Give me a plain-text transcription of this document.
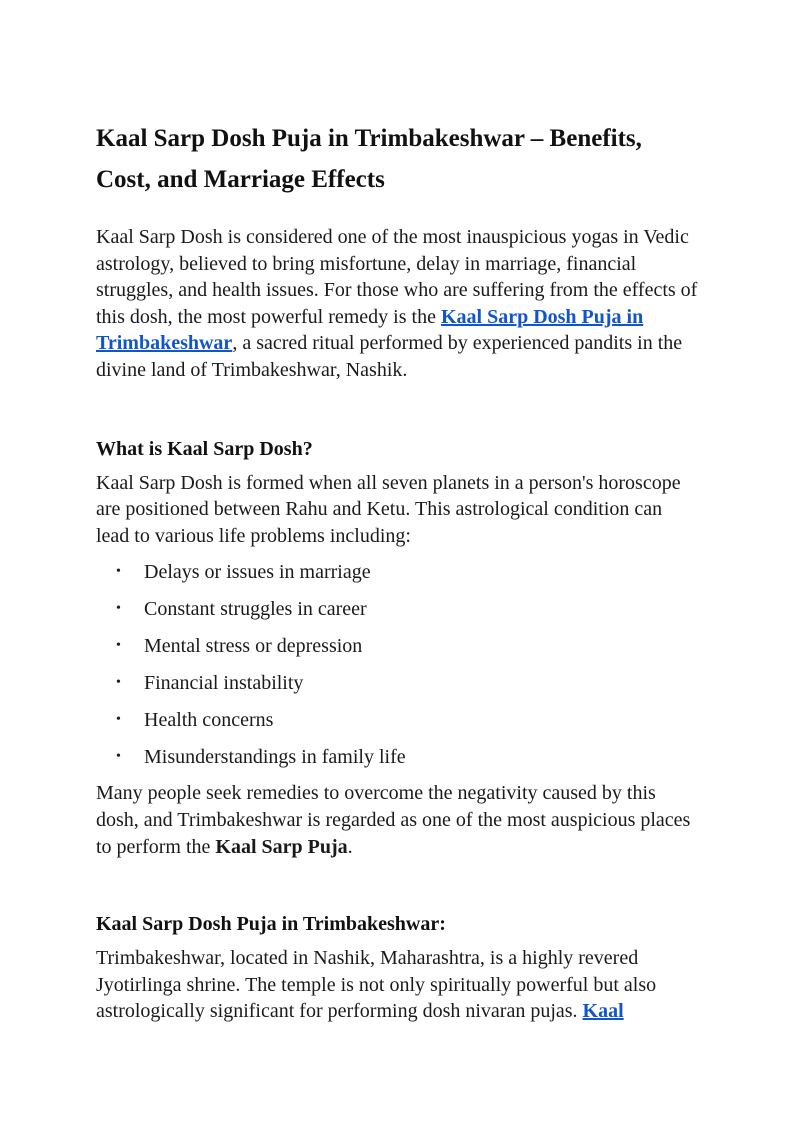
Kaal Sarp Dosh Puja in Trimbakeshwar – Benefits, Cost, and Marriage Effects

Kaal Sarp Dosh is considered one of the most inauspicious yogas in Vedic astrology, believed to bring misfortune, delay in marriage, financial struggles, and health issues. For those who are suffering from the effects of this dosh, the most powerful remedy is the Kaal Sarp Dosh Puja in Trimbakeshwar, a sacred ritual performed by experienced pandits in the divine land of Trimbakeshwar, Nashik.

What is Kaal Sarp Dosh?

Kaal Sarp Dosh is formed when all seven planets in a person's horoscope are positioned between Rahu and Ketu. This astrological condition can lead to various life problems including:

• Delays or issues in marriage
• Constant struggles in career
• Mental stress or depression
• Financial instability
• Health concerns
• Misunderstandings in family life

Many people seek remedies to overcome the negativity caused by this dosh, and Trimbakeshwar is regarded as one of the most auspicious places to perform the Kaal Sarp Puja.

Kaal Sarp Dosh Puja in Trimbakeshwar:

Trimbakeshwar, located in Nashik, Maharashtra, is a highly revered Jyotirlinga shrine. The temple is not only spiritually powerful but also astrologically significant for performing dosh nivaran pujas. Kaal
